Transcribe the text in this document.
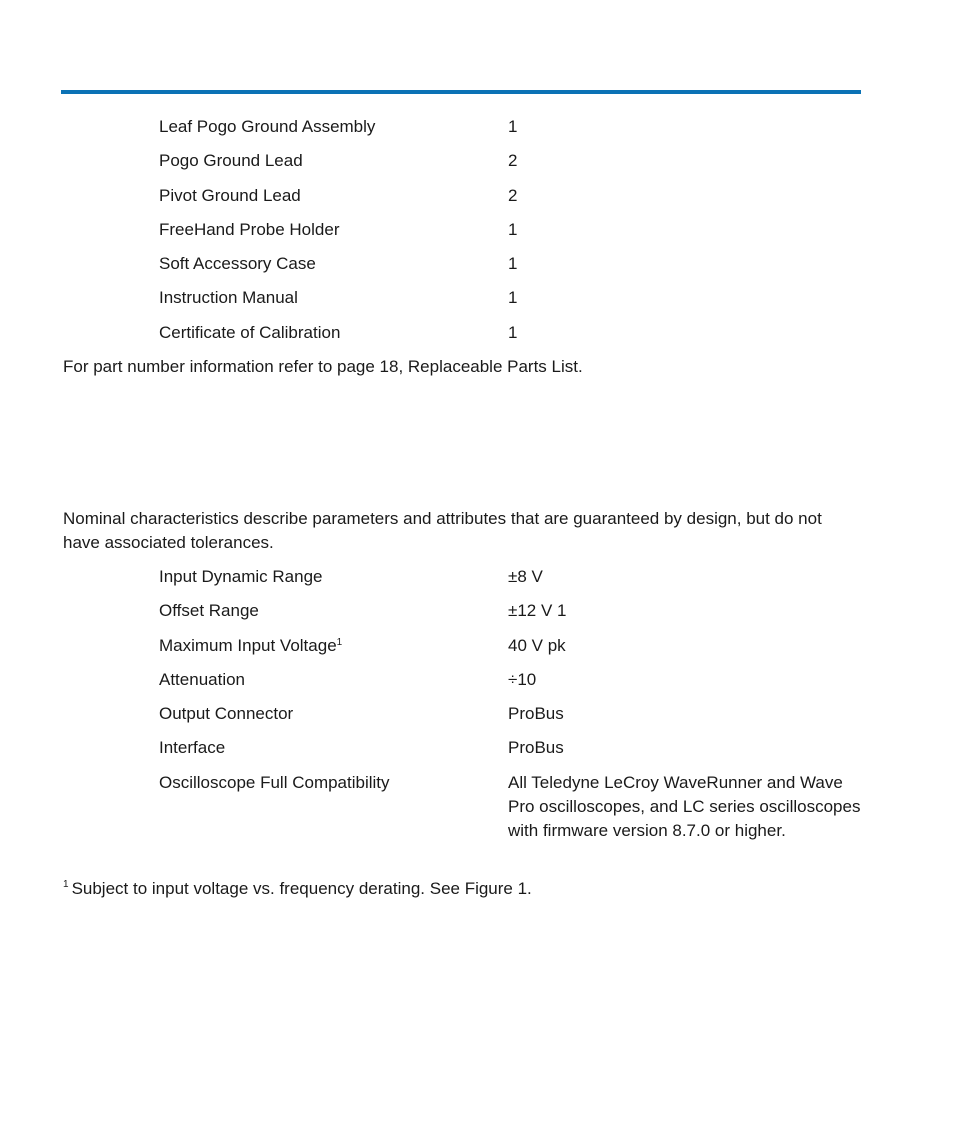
Leaf Pogo Ground Assembly	1
Pogo Ground Lead	2
Pivot Ground Lead	2
FreeHand Probe Holder	1
Soft Accessory Case	1
Instruction Manual	1
Certificate of Calibration	1

For part number information refer to page 18, Replaceable Parts List.

Nominal characteristics describe parameters and attributes that are guaranteed by design, but do not have associated tolerances.

Input Dynamic Range	±8 V
Offset Range	±12 V 1
Maximum Input Voltage$^1$	40 V pk
Attenuation	÷10
Output Connector	ProBus
Interface	ProBus
Oscilloscope Full Compatibility	All Teledyne LeCroy WaveRunner and Wave Pro oscilloscopes, and LC series oscilloscopes with firmware version 8.7.0 or higher.

$^1$ Subject to input voltage vs. frequency derating. See Figure 1.
